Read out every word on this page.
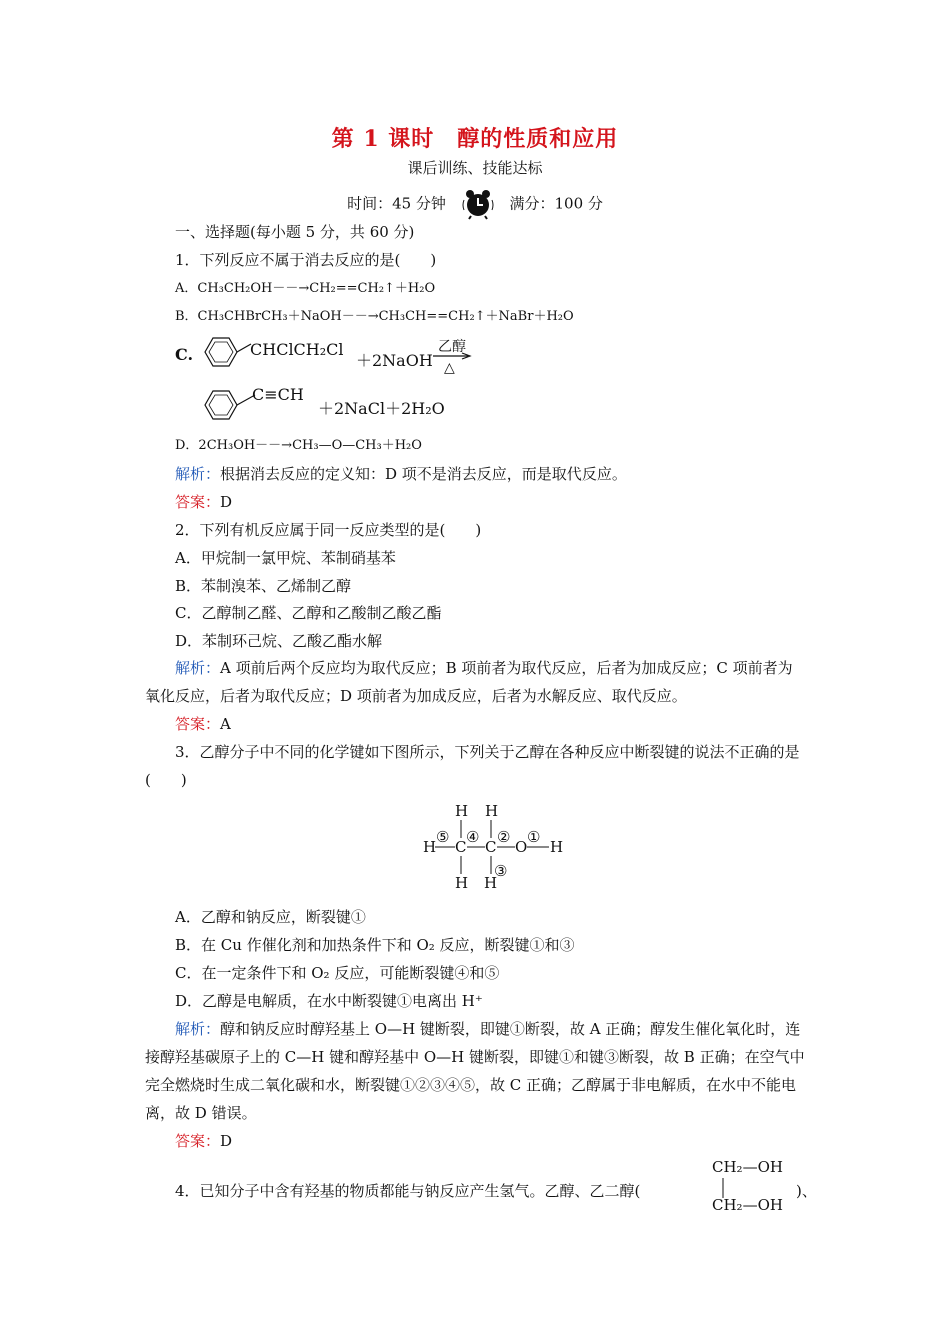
第 1 课时　醇的性质和应用
课后训练、技能达标
时间：45 分钟	满分：100 分
一、选择题(每小题 5 分，共 60 分)
1．下列反应不属于消去反应的是(　　)
A．CH₃CH₂OH－－→CH₂==CH₂↑＋H₂O
B．CH₃CHBrCH₃＋NaOH－－→CH₃CH==CH₂↑＋NaBr＋H₂O
C.	CHClCH₂Cl
＋2NaOH
乙醇
△
C≡CH
＋2NaCl＋2H₂O
D．2CH₃OH－－→CH₃—O—CH₃＋H₂O
解析：根据消去反应的定义知：D 项不是消去反应，而是取代反应。
答案：D
2．下列有机反应属于同一反应类型的是(　　)
A．甲烷制一氯甲烷、苯制硝基苯
B．苯制溴苯、乙烯制乙醇
C．乙醇制乙醛、乙醇和乙酸制乙酸乙酯
D．苯制环己烷、乙酸乙酯水解
解析：A 项前后两个反应均为取代反应；B 项前者为取代反应，后者为加成反应；C 项前者为氧化反应，后者为取代反应；D 项前者为加成反应，后者为水解反应、取代反应。
答案：A
3．乙醇分子中不同的化学键如下图所示，下列关于乙醇在各种反应中断裂键的说法不正确的是(　　)
H H
H C C O H
H H
⑤ ④ ② ①
③
A．乙醇和钠反应，断裂键①
B．在 Cu 作催化剂和加热条件下和 O₂ 反应，断裂键①和③
C．在一定条件下和 O₂ 反应，可能断裂键④和⑤
D．乙醇是电解质，在水中断裂键①电离出 H⁺
解析：醇和钠反应时醇羟基上 O—H 键断裂，即键①断裂，故 A 正确；醇发生催化氧化时，连接醇羟基碳原子上的 C—H 键和醇羟基中 O—H 键断裂，即键①和键③断裂，故 B 正确；在空气中完全燃烧时生成二氧化碳和水，断裂键①②③④⑤，故 C 正确；乙醇属于非电解质，在水中不能电离，故 D 错误。
答案：D
4．已知分子中含有羟基的物质都能与钠反应产生氢气。乙醇、乙二醇(
CH₂—OH
CH₂—OH
)、
